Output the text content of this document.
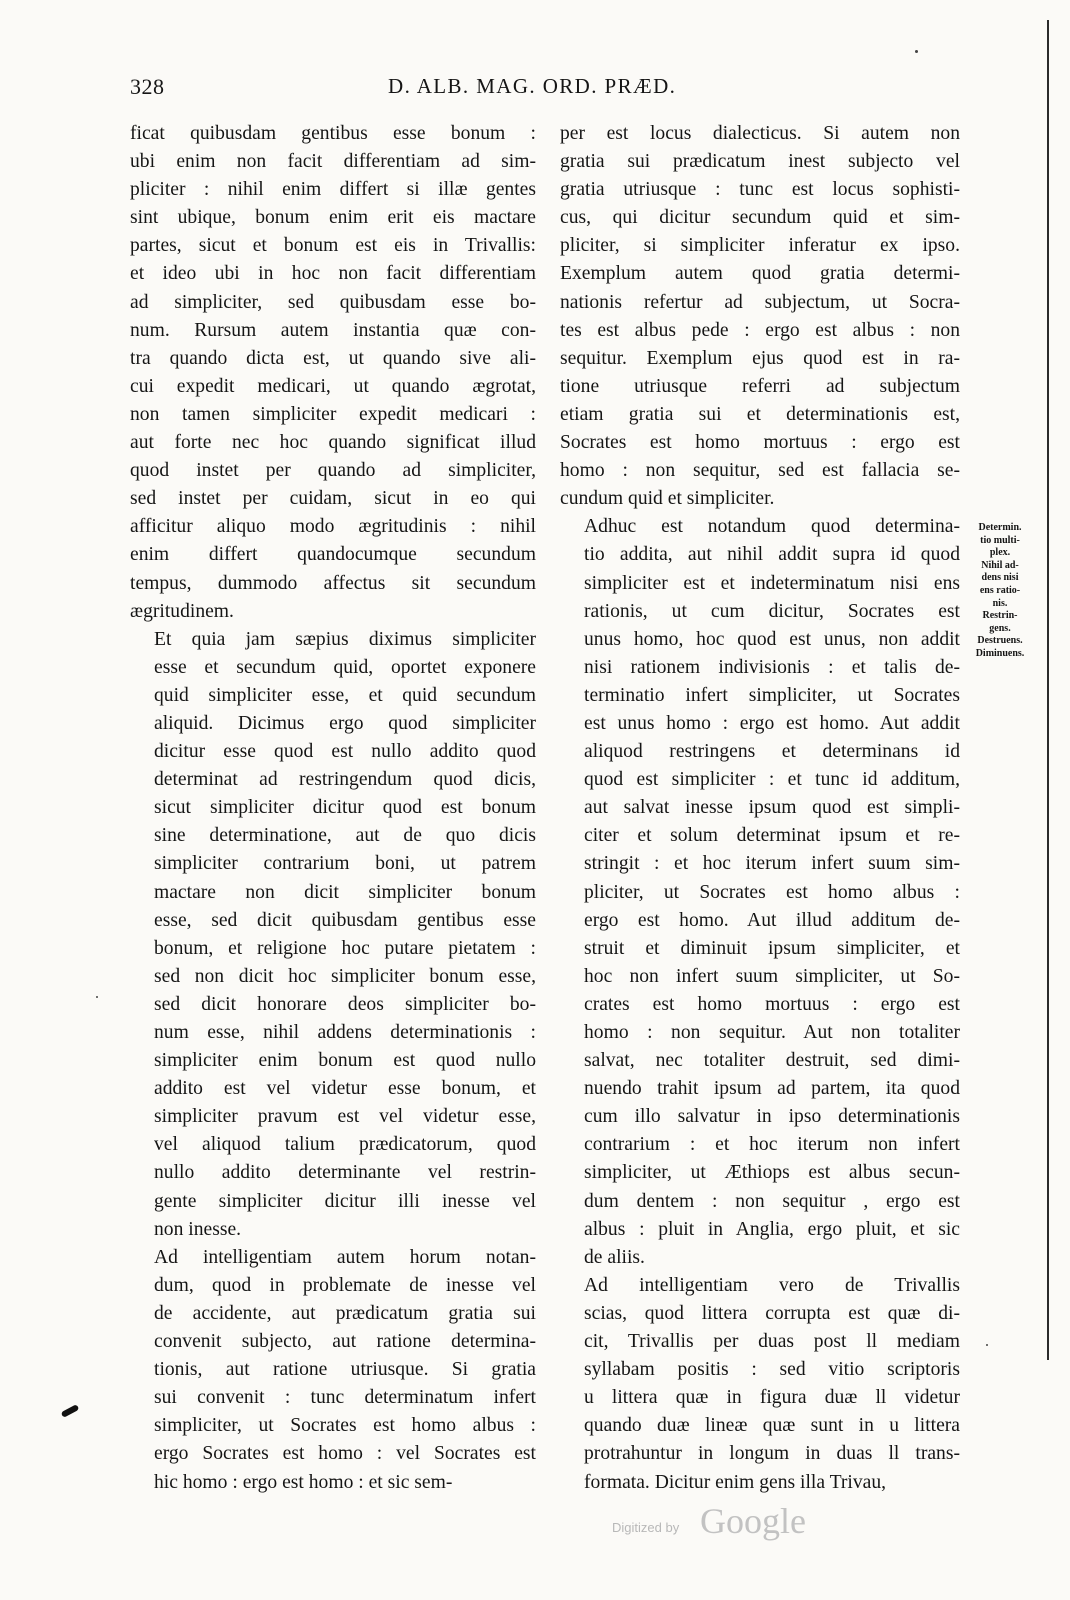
328	D. ALB. MAG. ORD. PRÆD.
ficat quibusdam gentibus esse bonum :
ubi enim non facit differentiam ad sim-
pliciter : nihil enim differt si illæ gentes
sint ubique, bonum enim erit eis mactare
partes, sicut et bonum est eis in Trivallis:
et ideo ubi in hoc non facit differentiam
ad simpliciter, sed quibusdam esse bo-
num. Rursum autem instantia quæ con-
tra quando dicta est, ut quando sive ali-
cui expedit medicari, ut quando ægrotat,
non tamen simpliciter expedit medicari :
aut forte nec hoc quando significat illud
quod instet per quando ad simpliciter,
sed instet per cuidam, sicut in eo qui
afficitur aliquo modo ægritudinis : nihil
enim differt quandocumque secundum
tempus, dummodo affectus sit secundum
ægritudinem.
Et quia jam sæpius diximus simpliciter
esse et secundum quid, oportet exponere
quid simpliciter esse, et quid secundum
aliquid. Dicimus ergo quod simpliciter
dicitur esse quod est nullo addito quod
determinat ad restringendum quod dicis,
sicut simpliciter dicitur quod est bonum
sine determinatione, aut de quo dicis
simpliciter contrarium boni, ut patrem
mactare non dicit simpliciter bonum
esse, sed dicit quibusdam gentibus esse
bonum, et religione hoc putare pietatem :
sed non dicit hoc simpliciter bonum esse,
sed dicit honorare deos simpliciter bo-
num esse, nihil addens determinationis :
simpliciter enim bonum est quod nullo
addito est vel videtur esse bonum, et
simpliciter pravum est vel videtur esse,
vel aliquod talium prædicatorum, quod
nullo addito determinante vel restrin-
gente simpliciter dicitur illi inesse vel
non inesse.
Ad intelligentiam autem horum notan-
dum, quod in problemate de inesse vel
de accidente, aut prædicatum gratia sui
convenit subjecto, aut ratione determina-
tionis, aut ratione utriusque. Si gratia
sui convenit : tunc determinatum infert
simpliciter, ut Socrates est homo albus :
ergo Socrates est homo : vel Socrates est
hic homo : ergo est homo : et sic sem-
per est locus dialecticus. Si autem non
gratia sui prædicatum inest subjecto vel
gratia utriusque : tunc est locus sophisti-
cus, qui dicitur secundum quid et sim-
pliciter, si simpliciter inferatur ex ipso.
Exemplum autem quod gratia determi-
nationis refertur ad subjectum, ut Socra-
tes est albus pede : ergo est albus : non
sequitur. Exemplum ejus quod est in ra-
tione utriusque referri ad subjectum
etiam gratia sui et determinationis est,
Socrates est homo mortuus : ergo est
homo : non sequitur, sed est fallacia se-
cundum quid et simpliciter.
Adhuc est notandum quod determina-
tio addita, aut nihil addit supra id quod
simpliciter est et indeterminatum nisi ens
rationis, ut cum dicitur, Socrates est
unus homo, hoc quod est unus, non addit
nisi rationem indivisionis : et talis de-
terminatio infert simpliciter, ut Socrates
est unus homo : ergo est homo. Aut addit
aliquod restringens et determinans id
quod est simpliciter : et tunc id additum,
aut salvat inesse ipsum quod est simpli-
citer et solum determinat ipsum et re-
stringit : et hoc iterum infert suum sim-
pliciter, ut Socrates est homo albus :
ergo est homo. Aut illud additum de-
struit et diminuit ipsum simpliciter, et
hoc non infert suum simpliciter, ut So-
crates est homo mortuus : ergo est
homo : non sequitur. Aut non totaliter
salvat, nec totaliter destruit, sed dimi-
nuendo trahit ipsum ad partem, ita quod
cum illo salvatur in ipso determinationis
contrarium : et hoc iterum non infert
simpliciter, ut Æthiops est albus secun-
dum dentem : non sequitur , ergo est
albus : pluit in Anglia, ergo pluit, et sic
de aliis.
Ad intelligentiam vero de Trivallis
scias, quod littera corrupta est quæ di-
cit, Trivallis per duas post ll mediam
syllabam positis : sed vitio scriptoris
u littera quæ in figura duæ ll videtur
quando duæ lineæ quæ sunt in u littera
protrahuntur in longum in duas ll trans-
formata. Dicitur enim gens illa Trivau,
Determin.
tio multi-
plex.
Nihil ad-
dens nisi
ens ratio-
nis.
Restrin-
gens.
Destruens.
Diminuens.
Digitized by Google
